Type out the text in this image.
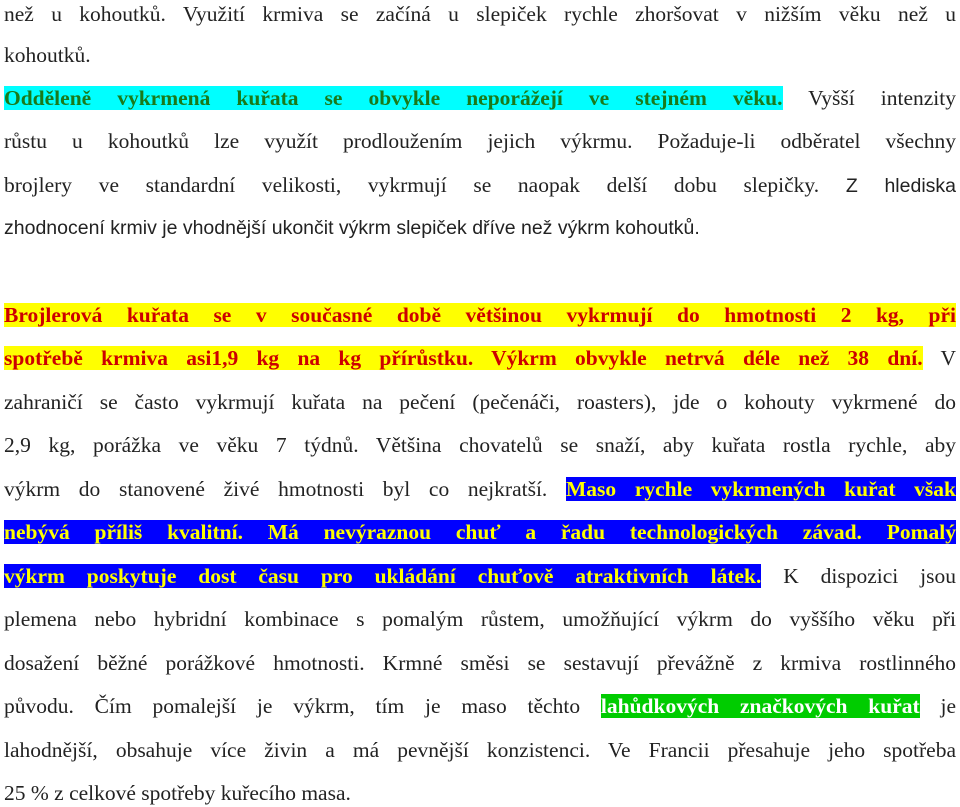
než u kohoutků. Využití krmiva se začíná u slepiček rychle zhoršovat v nižším věku než u
kohoutků.
Odděleně vykrmená kuřata se obvykle neporážejí ve stejném věku. Vyšší intenzity
růstu u kohoutků lze využít prodloužením jejich výkrmu. Požaduje-li odběratel všechny
brojlery ve standardní velikosti, vykrmují se naopak delší dobu slepičky. Z hlediska
zhodnocení krmiv je vhodnější ukončit výkrm slepiček dříve než výkrm kohoutků.
Brojlerová kuřata se v současné době většinou vykrmují do hmotnosti 2 kg, při
spotřebě krmiva asi1,9 kg na kg přírůstku. Výkrm obvykle netrvá déle než 38 dní. V
zahraničí se často vykrmují kuřata na pečení (pečenáči, roasters), jde o kohouty vykrmené do
2,9 kg, porážka ve věku 7 týdnů. Většina chovatelů se snaží, aby kuřata rostla rychle, aby
výkrm do stanovené živé hmotnosti byl co nejkratší. Maso rychle vykrmených kuřat však
nebývá příliš kvalitní. Má nevýraznou chuť a řadu technologických závad. Pomalý
výkrm poskytuje dost času pro ukládání chuťově atraktivních látek. K dispozici jsou
plemena nebo hybridní kombinace s pomalým růstem, umožňující výkrm do vyššího věku při
dosažení běžné porážkové hmotnosti. Krmné směsi se sestavují převážně z krmiva rostlinného
původu. Čím pomalejší je výkrm, tím je maso těchto lahůdkových značkových kuřat je
lahodnější, obsahuje více živin a má pevnější konzistenci. Ve Francii přesahuje jeho spotřeba
25 % z celkové spotřeby kuřecího masa.
